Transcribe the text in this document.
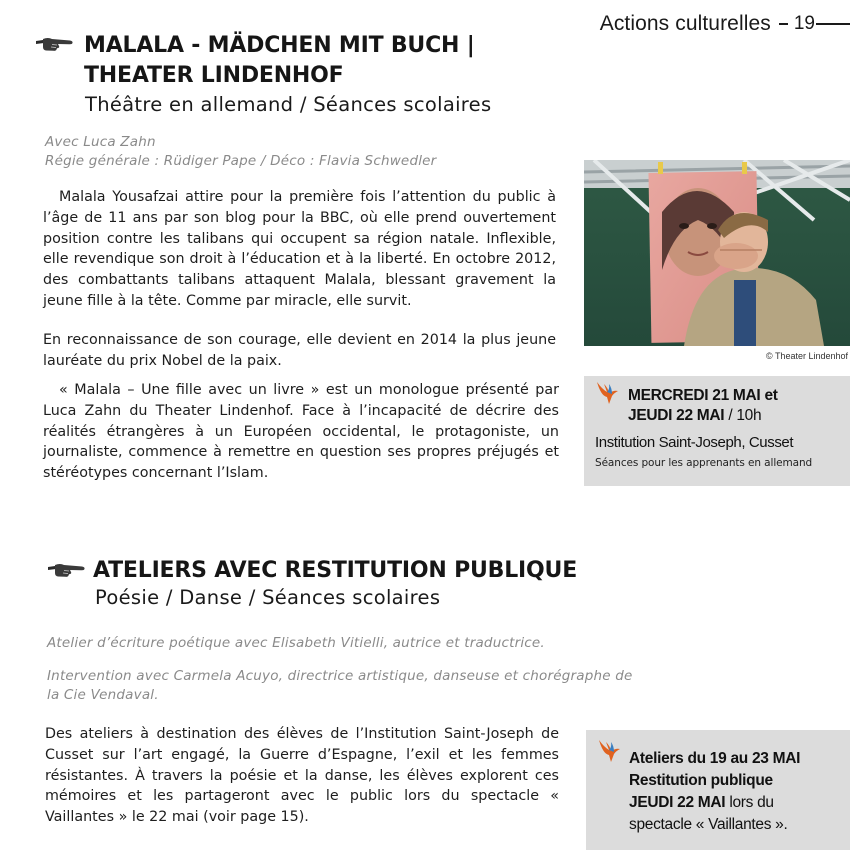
Actions culturelles 19
MALALA - MÄDCHEN MIT BUCH |
THEATER LINDENHOF
Théâtre en allemand / Séances scolaires
Avec Luca Zahn
Régie générale : Rüdiger Pape / Déco : Flavia Schwedler

Malala Yousafzai attire pour la première fois l’attention du public à l’âge de 11 ans par son blog pour la BBC, où elle prend ouvertement position contre les talibans qui occupent sa région natale. Inflexible, elle revendique son droit à l’éducation et à la liberté. En octobre 2012, des combattants talibans attaquent Malala, blessant gravement la jeune fille à la tête. Comme par miracle, elle survit.

En reconnaissance de son courage, elle devient en 2014 la plus jeune lauréate du prix Nobel de la paix.

« Malala – Une fille avec un livre » est un monologue présenté par Luca Zahn du Theater Lindenhof. Face à l’incapacité de décrire des réalités étrangères à un Européen occidental, le protagoniste, un journaliste, commence à remettre en question ses propres préjugés et stéréotypes concernant l’Islam.

© Theater Lindenhof
MERCREDI 21 MAI et
JEUDI 22 MAI / 10h
Institution Saint-Joseph, Cusset
Séances pour les apprenants en allemand
ATELIERS AVEC RESTITUTION PUBLIQUE
Poésie / Danse / Séances scolaires
Atelier d’écriture poétique avec Elisabeth Vitielli, autrice et traductrice.
Intervention avec Carmela Acuyo, directrice artistique, danseuse et chorégraphe de la Cie Vendaval.

Des ateliers à destination des élèves de l’Institution Saint-Joseph de Cusset sur l’art engagé, la Guerre d’Espagne, l’exil et les femmes résistantes. À travers la poésie et la danse, les élèves explorent ces mémoires et les partageront avec le public lors du spectacle « Vaillantes » le 22 mai (voir page 15).

Ateliers du 19 au 23 MAI
Restitution publique
JEUDI 22 MAI lors du
spectacle « Vaillantes ».
